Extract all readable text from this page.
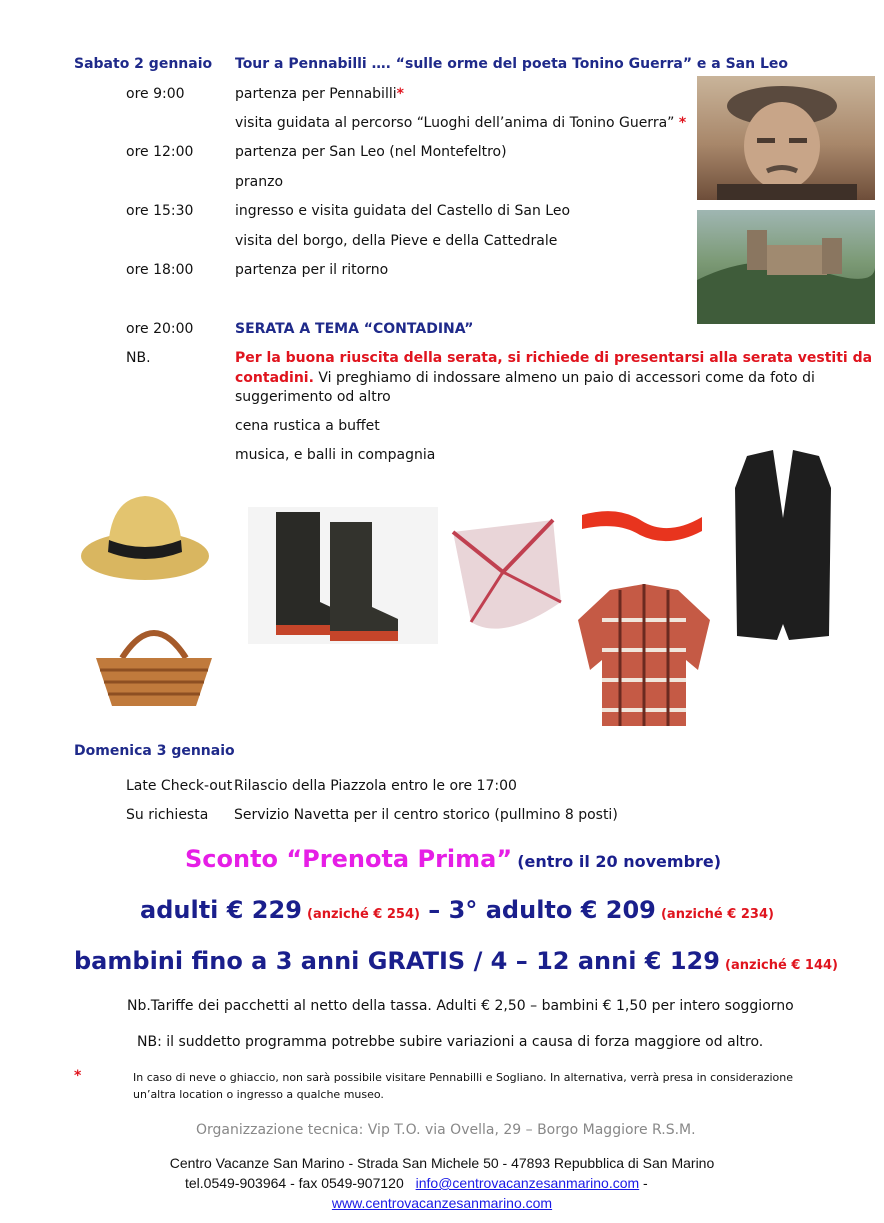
Sabato 2 gennaio Tour a Pennabilli …. “sulle orme del poeta Tonino Guerra” e a San Leo
ore 9:00	partenza per Pennabilli*
visita guidata al percorso “Luoghi dell’anima di Tonino Guerra” *
ore 12:00	partenza per San Leo (nel Montefeltro)
pranzo
ore 15:30	ingresso e visita guidata del Castello di San Leo
visita del borgo, della Pieve e della Cattedrale
ore 18:00	partenza per il ritorno
ore 20:00	SERATA A TEMA “CONTADINA”
NB.	Per la buona riuscita della serata, si richiede di presentarsi alla serata vestiti da
contadini. Vi preghiamo di indossare almeno un paio di accessori come da foto di
suggerimento od altro
cena rustica a buffet
musica, e balli in compagnia
Domenica 3 gennaio
Late Check-out Rilascio della Piazzola entro le ore 17:00
Su richiesta Servizio Navetta per il centro storico (pullmino 8 posti)
Sconto “Prenota Prima” (entro il 20 novembre)
adulti € 229 (anziché € 254) – 3° adulto € 209 (anziché € 234)
bambini fino a 3 anni GRATIS / 4 – 12 anni € 129 (anziché € 144)
Nb.Tariffe dei pacchetti al netto della tassa. Adulti € 2,50 – bambini € 1,50 per intero soggiorno
NB: il suddetto programma potrebbe subire variazioni a causa di forza maggiore od altro.
*	In caso di neve o ghiaccio, non sarà possibile visitare Pennabilli e Sogliano. In alternativa, verrà presa in considerazione
un’altra location o ingresso a qualche museo.
Organizzazione tecnica: Vip T.O. via Ovella, 29 – Borgo Maggiore R.S.M.
Centro Vacanze San Marino - Strada San Michele 50 - 47893 Repubblica di San Marino
tel.0549-903964 - fax 0549-907120 info@centrovacanzesanmarino.com -
www.centrovacanzesanmarino.com
